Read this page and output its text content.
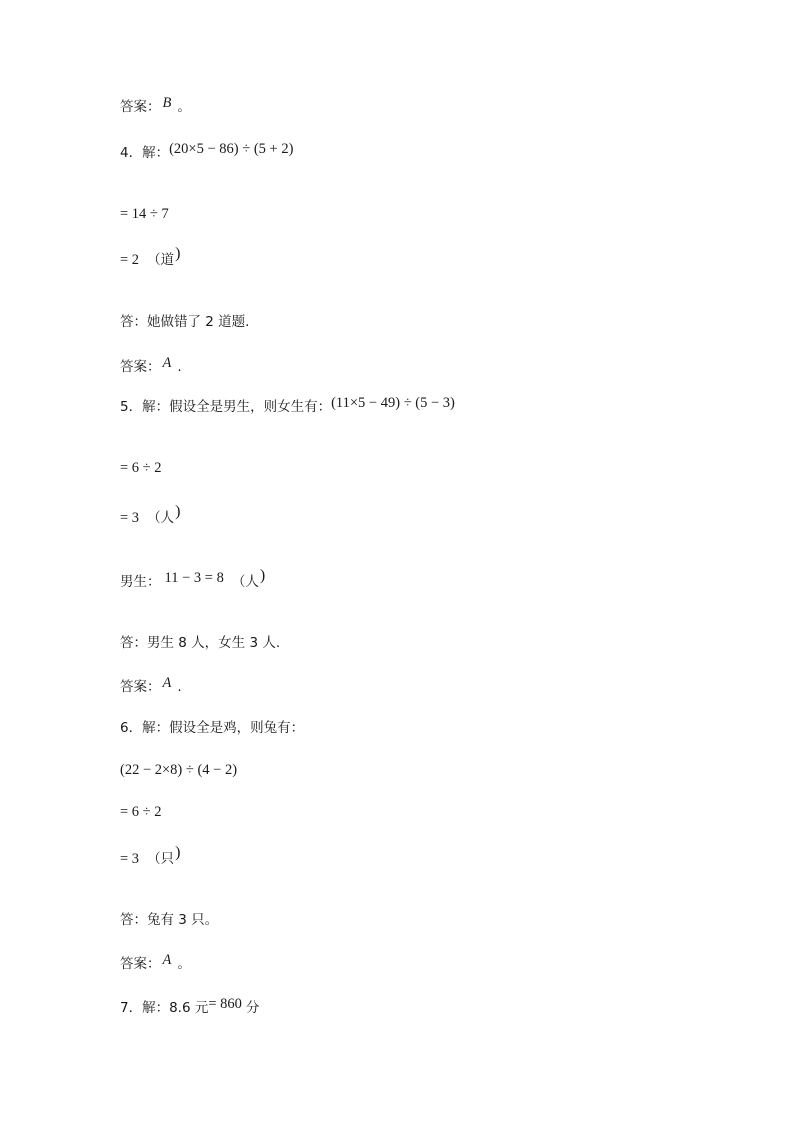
答案： B 。
4．解：(20×5 − 86) ÷ (5 + 2)
= 14 ÷ 7
= 2 （道)
答：她做错了 2 道题.
答案： A .
5．解：假设全是男生，则女生有：(11×5 − 49) ÷ (5 − 3)
= 6 ÷ 2
= 3 （人)
男生： 11 − 3 = 8 （人)
答：男生 8 人，女生 3 人.
答案： A .
6．解：假设全是鸡，则兔有：
(22 − 2×8) ÷ (4 − 2)
= 6 ÷ 2
= 3 （只)
答：兔有 3 只。
答案： A 。
7．解：8.6 元= 860 分
